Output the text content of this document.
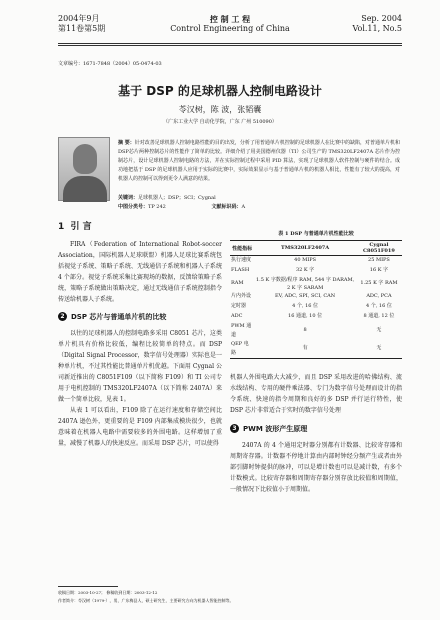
2004年9月
第11卷第5期
控 制 工 程
Control Engineering of China
Sep. 2004
Vol.11, No.5
文章编号：1671-7848（2004）05-0474-03
基于 DSP 的足球机器人控制电路设计
苓汉树，陈 波，张韬囊
（广东工业大学 自动化学院，广东 广州 510090）
摘 要：针对改善足球机器人控制电路性能的目的出发，分析了用普通单片机控制的足球机器人在比赛中的缺陷，对普通单片机和DSP芯片两种控制芯片的性能作了简单的比较。详细介绍了用美国德州仪器（TI）公司生产的 TMS320LF2407A 芯片作为控制芯片，设计足球机器人控制电路的方法，并在实际控制过程中采用 PID 算法，实现了足球机器人软件控制与硬件的结合。成功地把基于 DSP 的足球机器人应用于实际的比赛中，实际效果显示与基于普通单片机的机器人相比，性能有了较大的提高，对机器人的控制可以得到更令人满意的结果。
关键词：足球机器人；DSP；SCI；Cygnal
中图分类号：TP 242	文献标识码：A
1 引 言
FIRA（Federation of International Robot-soccer Association，国际机器人足球联盟）机器人足球比赛系统包括视觉子系统、策略子系统、无线通信子系统和机器人子系统 4 个部分。视觉子系统采集比赛现场的数据，反馈给策略子系统，策略子系统做出策略决定，通过无线通信子系统控制指令传送给机器人子系统。
2 DSP 芯片与普通单片机的比较
以往的足球机器人的控制电路多采用 C8051 芯片，这类单片机具有价格比较低，编程比较简单的特点。而 DSP（Digital Signal Processor，数字信号处理器）实际也是一种单片机，不过其性能比普通单片机优越。下面用 Cygnal 公司新近推出的 C8051F109（以下简称 F109）和 TI 公司专用于电机控制的 TMS320LF2407A（以下简称 2407A）来做一个简单比较，见表 1。
从表 1 可以看出，F109 除了在运行速度和存储空间比 2407A 逊色外，更重要的是 F109 内部集成模块很少，也就意味着在机器人电路中需要较多的外围电路。这样增加了重量，减慢了机器人的快速反应。而采用 DSP 芯片，可以使得
表 1 DSP 与普通单片机性能比较
性能指标	TMS320LF2407A	Cygnal C8051F019
执行速度	40 MIPS	25 MIPS
FLASH	32 K 字	16 K 字
RAM	1.5 K 字数据/程序 RAM, 544 字 DARAM, 2 K 字 SARAM	1.25 K 字 RAM
片内外设	EV, ADC, SPI, SCI, CAN	ADC, PCA
定时器	4 个, 16 位	4 个, 16 位
ADC	16 通道, 10 位	8 通道, 12 位
PWM 通道	8	无
QEP 电路	有	无
机器人外围电路大大减少，而且 DSP 采用改进的哈佛结构、流水线结构、专用的硬件乘法器、专门为数字信号处理而设计的指令系统、快速的指令周期和良好的多 DSP 并行运行特性，使 DSP 芯片非常适合于实时的数字信号处理
3 PWM 波形产生原理
2407A 的 4 个通用定时器分别都有计数器、比较寄存器和周期寄存器。计数器不停地计算由内部时钟经分频产生或者由外部引脚时钟提供的脉冲，可以是增计数也可以是减计数，有多个计数模式。比较寄存器和周期寄存器分别存放比较值和周期值，一般情况下比较值小于周期值。
收稿日期：2003-10-27； 修稿收到日期：2003-12-12
作者简介：苓汉树（1979-），男，广东梅县人，硕士研究生，主要研究方向为机器人智能控制等。
